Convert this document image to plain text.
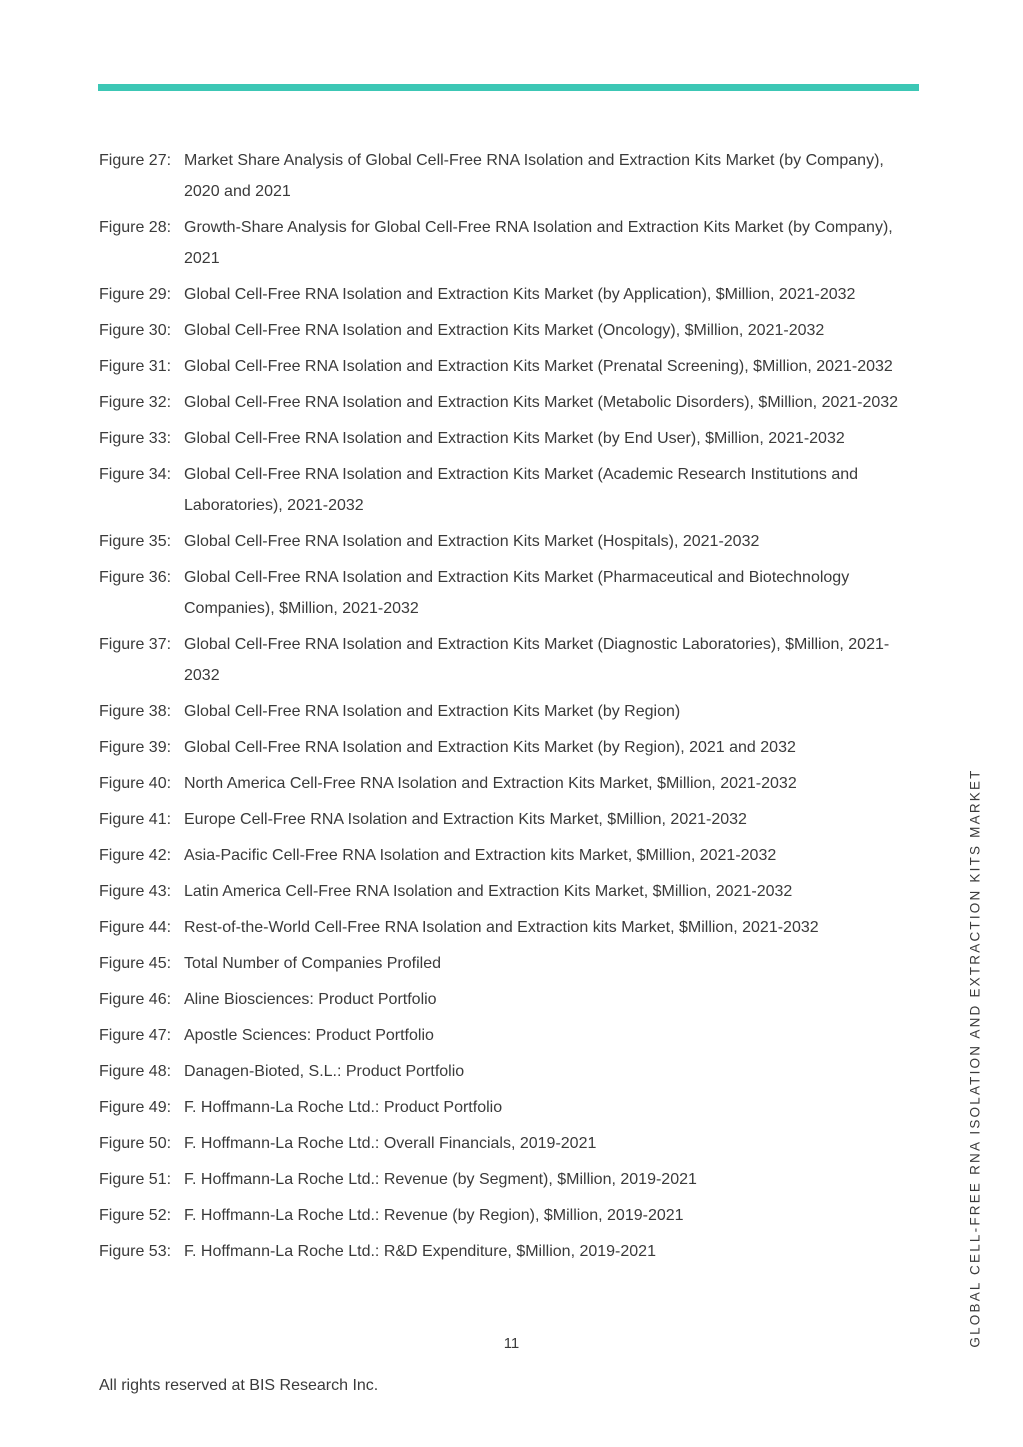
Figure 27: Market Share Analysis of Global Cell-Free RNA Isolation and Extraction Kits Market (by Company), 2020 and 2021
Figure 28: Growth-Share Analysis for Global Cell-Free RNA Isolation and Extraction Kits Market (by Company), 2021
Figure 29: Global Cell-Free RNA Isolation and Extraction Kits Market (by Application), $Million, 2021-2032
Figure 30: Global Cell-Free RNA Isolation and Extraction Kits Market (Oncology), $Million, 2021-2032
Figure 31: Global Cell-Free RNA Isolation and Extraction Kits Market (Prenatal Screening), $Million, 2021-2032
Figure 32: Global Cell-Free RNA Isolation and Extraction Kits Market (Metabolic Disorders), $Million, 2021-2032
Figure 33: Global Cell-Free RNA Isolation and Extraction Kits Market (by End User), $Million, 2021-2032
Figure 34: Global Cell-Free RNA Isolation and Extraction Kits Market (Academic Research Institutions and Laboratories), 2021-2032
Figure 35: Global Cell-Free RNA Isolation and Extraction Kits Market (Hospitals), 2021-2032
Figure 36: Global Cell-Free RNA Isolation and Extraction Kits Market (Pharmaceutical and Biotechnology Companies), $Million, 2021-2032
Figure 37: Global Cell-Free RNA Isolation and Extraction Kits Market (Diagnostic Laboratories), $Million, 2021-2032
Figure 38: Global Cell-Free RNA Isolation and Extraction Kits Market (by Region)
Figure 39: Global Cell-Free RNA Isolation and Extraction Kits Market (by Region), 2021 and 2032
Figure 40: North America Cell-Free RNA Isolation and Extraction Kits Market, $Million, 2021-2032
Figure 41: Europe Cell-Free RNA Isolation and Extraction Kits Market, $Million, 2021-2032
Figure 42: Asia-Pacific Cell-Free RNA Isolation and Extraction kits Market, $Million, 2021-2032
Figure 43: Latin America Cell-Free RNA Isolation and Extraction Kits Market, $Million, 2021-2032
Figure 44: Rest-of-the-World Cell-Free RNA Isolation and Extraction kits Market, $Million, 2021-2032
Figure 45: Total Number of Companies Profiled
Figure 46: Aline Biosciences: Product Portfolio
Figure 47: Apostle Sciences: Product Portfolio
Figure 48: Danagen-Bioted, S.L.: Product Portfolio
Figure 49: F. Hoffmann-La Roche Ltd.: Product Portfolio
Figure 50: F. Hoffmann-La Roche Ltd.: Overall Financials, 2019-2021
Figure 51: F. Hoffmann-La Roche Ltd.: Revenue (by Segment), $Million, 2019-2021
Figure 52: F. Hoffmann-La Roche Ltd.: Revenue (by Region), $Million, 2019-2021
Figure 53: F. Hoffmann-La Roche Ltd.: R&D Expenditure, $Million, 2019-2021
11
All rights reserved at BIS Research Inc.
GLOBAL CELL-FREE RNA ISOLATION AND EXTRACTION KITS MARKET
